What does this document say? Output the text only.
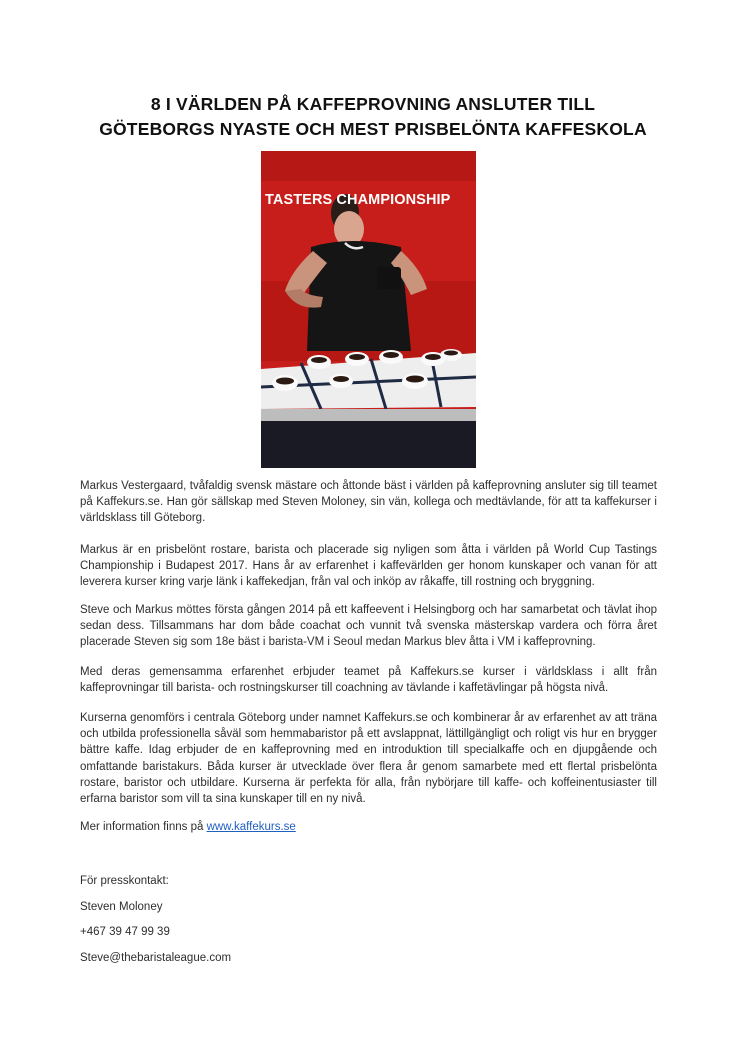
8 I VÄRLDEN PÅ KAFFEPROVNING ANSLUTER TILL
GÖTEBORGS NYASTE OCH MEST PRISBELÖNTA KAFFESKOLA
TASTERS CHAMPIONSHIP

Markus Vestergaard, tvåfaldig svensk mästare och åttonde bäst i världen på kaffeprovning ansluter sig till teamet på Kaffekurs.se. Han gör sällskap med Steven Moloney, sin vän, kollega och medtävlande, för att ta kaffekurser i världsklass till Göteborg.

Markus är en prisbelönt rostare, barista och placerade sig nyligen som åtta i världen på World Cup Tastings Championship i Budapest 2017. Hans år av erfarenhet i kaffevärlden ger honom kunskaper och vanan för att leverera kurser kring varje länk i kaffekedjan, från val och inköp av råkaffe, till rostning och bryggning.

Steve och Markus möttes första gången 2014 på ett kaffeevent i Helsingborg och har samarbetat och tävlat ihop sedan dess. Tillsammans har dom både coachat och vunnit två svenska mästerskap vardera och förra året placerade Steven sig som 18e bäst i barista-VM i Seoul medan Markus blev åtta i VM i kaffeprovning.

Med deras gemensamma erfarenhet erbjuder teamet på Kaffekurs.se kurser i världsklass i allt från kaffeprovningar till barista- och rostningskurser till coachning av tävlande i kaffetävlingar på högsta nivå.

Kurserna genomförs i centrala Göteborg under namnet Kaffekurs.se och kombinerar år av erfarenhet av att träna och utbilda professionella såväl som hemmabaristor på ett avslappnat, lättillgängligt och roligt vis hur en brygger bättre kaffe. Idag erbjuder de en kaffeprovning med en introduktion till specialkaffe och en djupgående och omfattande baristakurs. Båda kurser är utvecklade över flera år genom samarbete med ett flertal prisbelönta rostare, baristor och utbildare. Kurserna är perfekta för alla, från nybörjare till kaffe- och koffeinentusiaster till erfarna baristor som vill ta sina kunskaper till en ny nivå.

Mer information finns på www.kaffekurs.se
För presskontakt:
Steven Moloney
+467 39 47 99 39
Steve@thebaristaleague.com
